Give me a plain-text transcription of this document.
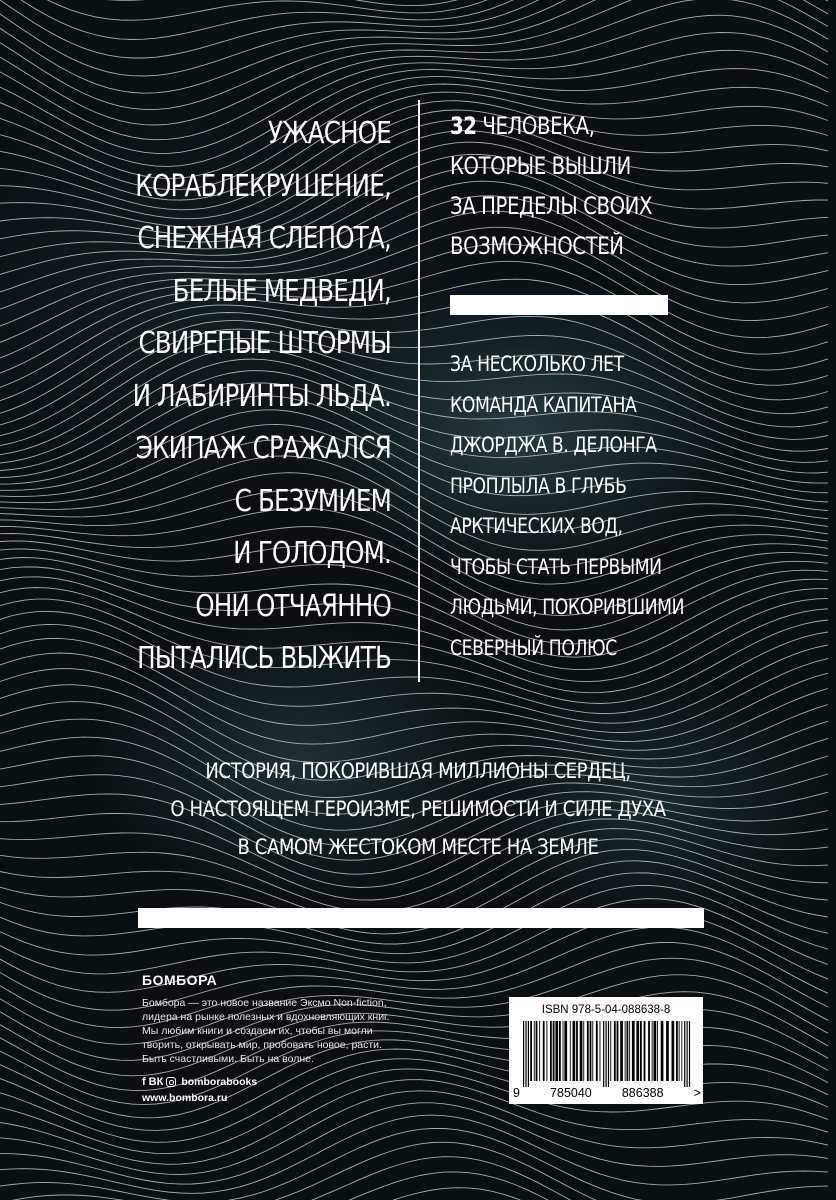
УЖАСНОЕ
КОРАБЛЕКРУШЕНИЕ,
СНЕЖНАЯ СЛЕПОТА,
БЕЛЫЕ МЕДВЕДИ,
СВИРЕПЫЕ ШТОРМЫ
И ЛАБИРИНТЫ ЛЬДА.
ЭКИПАЖ СРАЖАЛСЯ
С БЕЗУМИЕМ
И ГОЛОДОМ.
ОНИ ОТЧАЯННО
ПЫТАЛИСЬ ВЫЖИТЬ

32 ЧЕЛОВЕКА,
КОТОРЫЕ ВЫШЛИ
ЗА ПРЕДЕЛЫ СВОИХ
ВОЗМОЖНОСТЕЙ

ЗА НЕСКОЛЬКО ЛЕТ
КОМАНДА КАПИТАНА
ДЖОРДЖА В. ДЕЛОНГА
ПРОПЛЫЛА В ГЛУБЬ
АРКТИЧЕСКИХ ВОД,
ЧТОБЫ СТАТЬ ПЕРВЫМИ
ЛЮДЬМИ, ПОКОРИВШИМИ
СЕВЕРНЫЙ ПОЛЮС

ИСТОРИЯ, ПОКОРИВШАЯ МИЛЛИОНЫ СЕРДЕЦ,
О НАСТОЯЩЕМ ГЕРОИЗМЕ, РЕШИМОСТИ И СИЛЕ ДУХА
В САМОМ ЖЕСТОКОМ МЕСТЕ НА ЗЕМЛЕ

БОМБОРА

Бомбора — это новое название Эксмо Non-fiction,
лидера на рынке полезных и вдохновляющих книг.
Мы любим книги и создаем их, чтобы вы могли
творить, открывать мир, пробовать новое, расти.
Быть счастливыми. Быть на волне.

f ВК bomborabooks
www.bombora.ru
ISBN 978-5-04-088638-8
9 785040 886388 >
